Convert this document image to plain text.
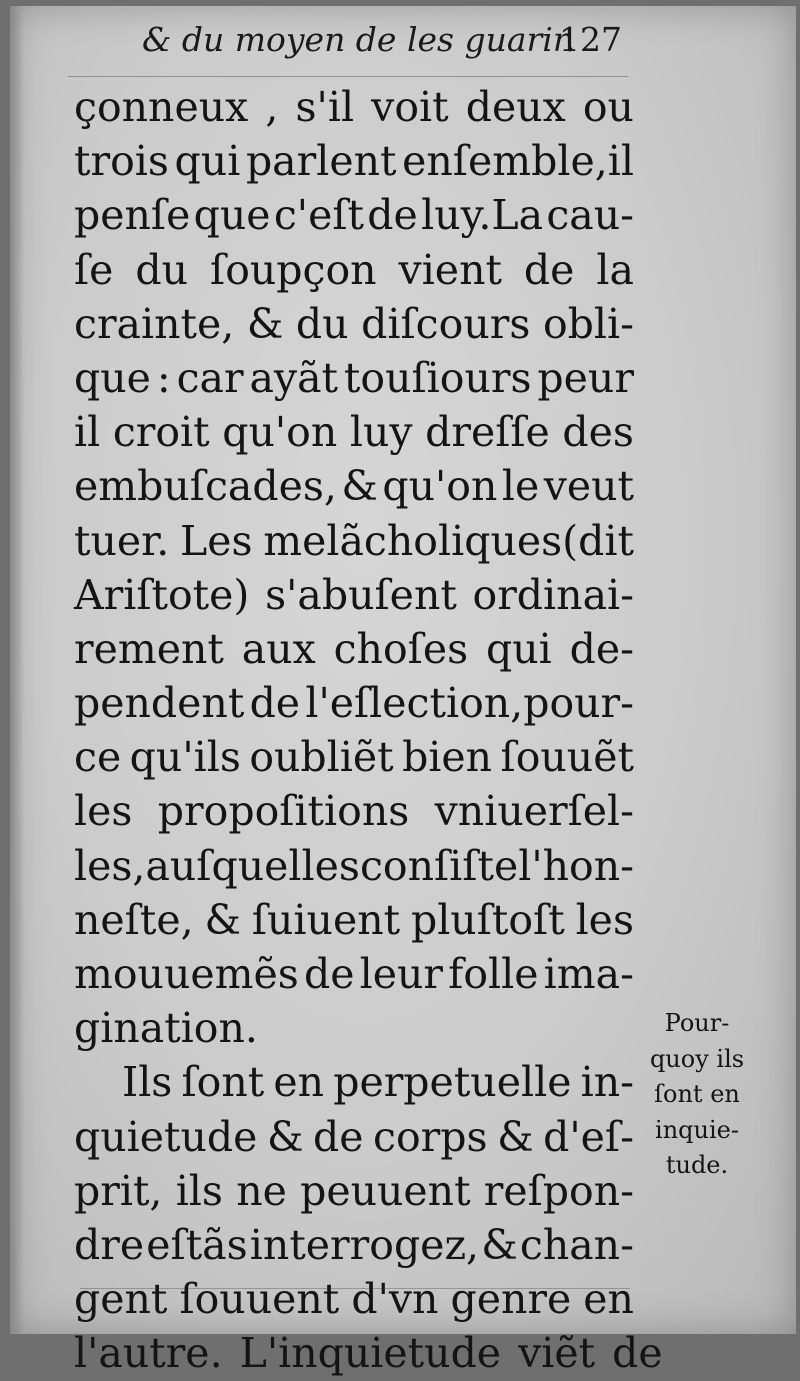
& du moyen de les guarir.
127
çonneux , s'il voit deux ou
trois qui parlent enſemble,il
penſe que c'eſt de luy.La cau-
ſe du ſoupçon vient de la
crainte, & du diſcours obli-
que : car ayãt touſiours peur
il croit qu'on luy dreſſe des
embuſcades, & qu'on le veut
tuer. Les melãcholiques(dit
Ariſtote) s'abuſent ordinai-
rement aux choſes qui de-
pendent de l'eſlection,pour-
ce qu'ils oubliẽt bien ſouuẽt
les propoſitions vniuerſel-
les,auſquelles conſiſte l'hon-
neſte, & ſuiuent pluſtoſt les
mouuemẽs de leur folle ima-
gination.
Ils ſont en perpetuelle in-
quietude & de corps & d'eſ-
prit, ils ne peuuent reſpon-
dre eſtãs interrogez, & chan-
gent ſouuent d'vn genre en
l'autre. L'inquietude viẽt de
Pour-
quoy ils
ſont en
inquie-
tude.
